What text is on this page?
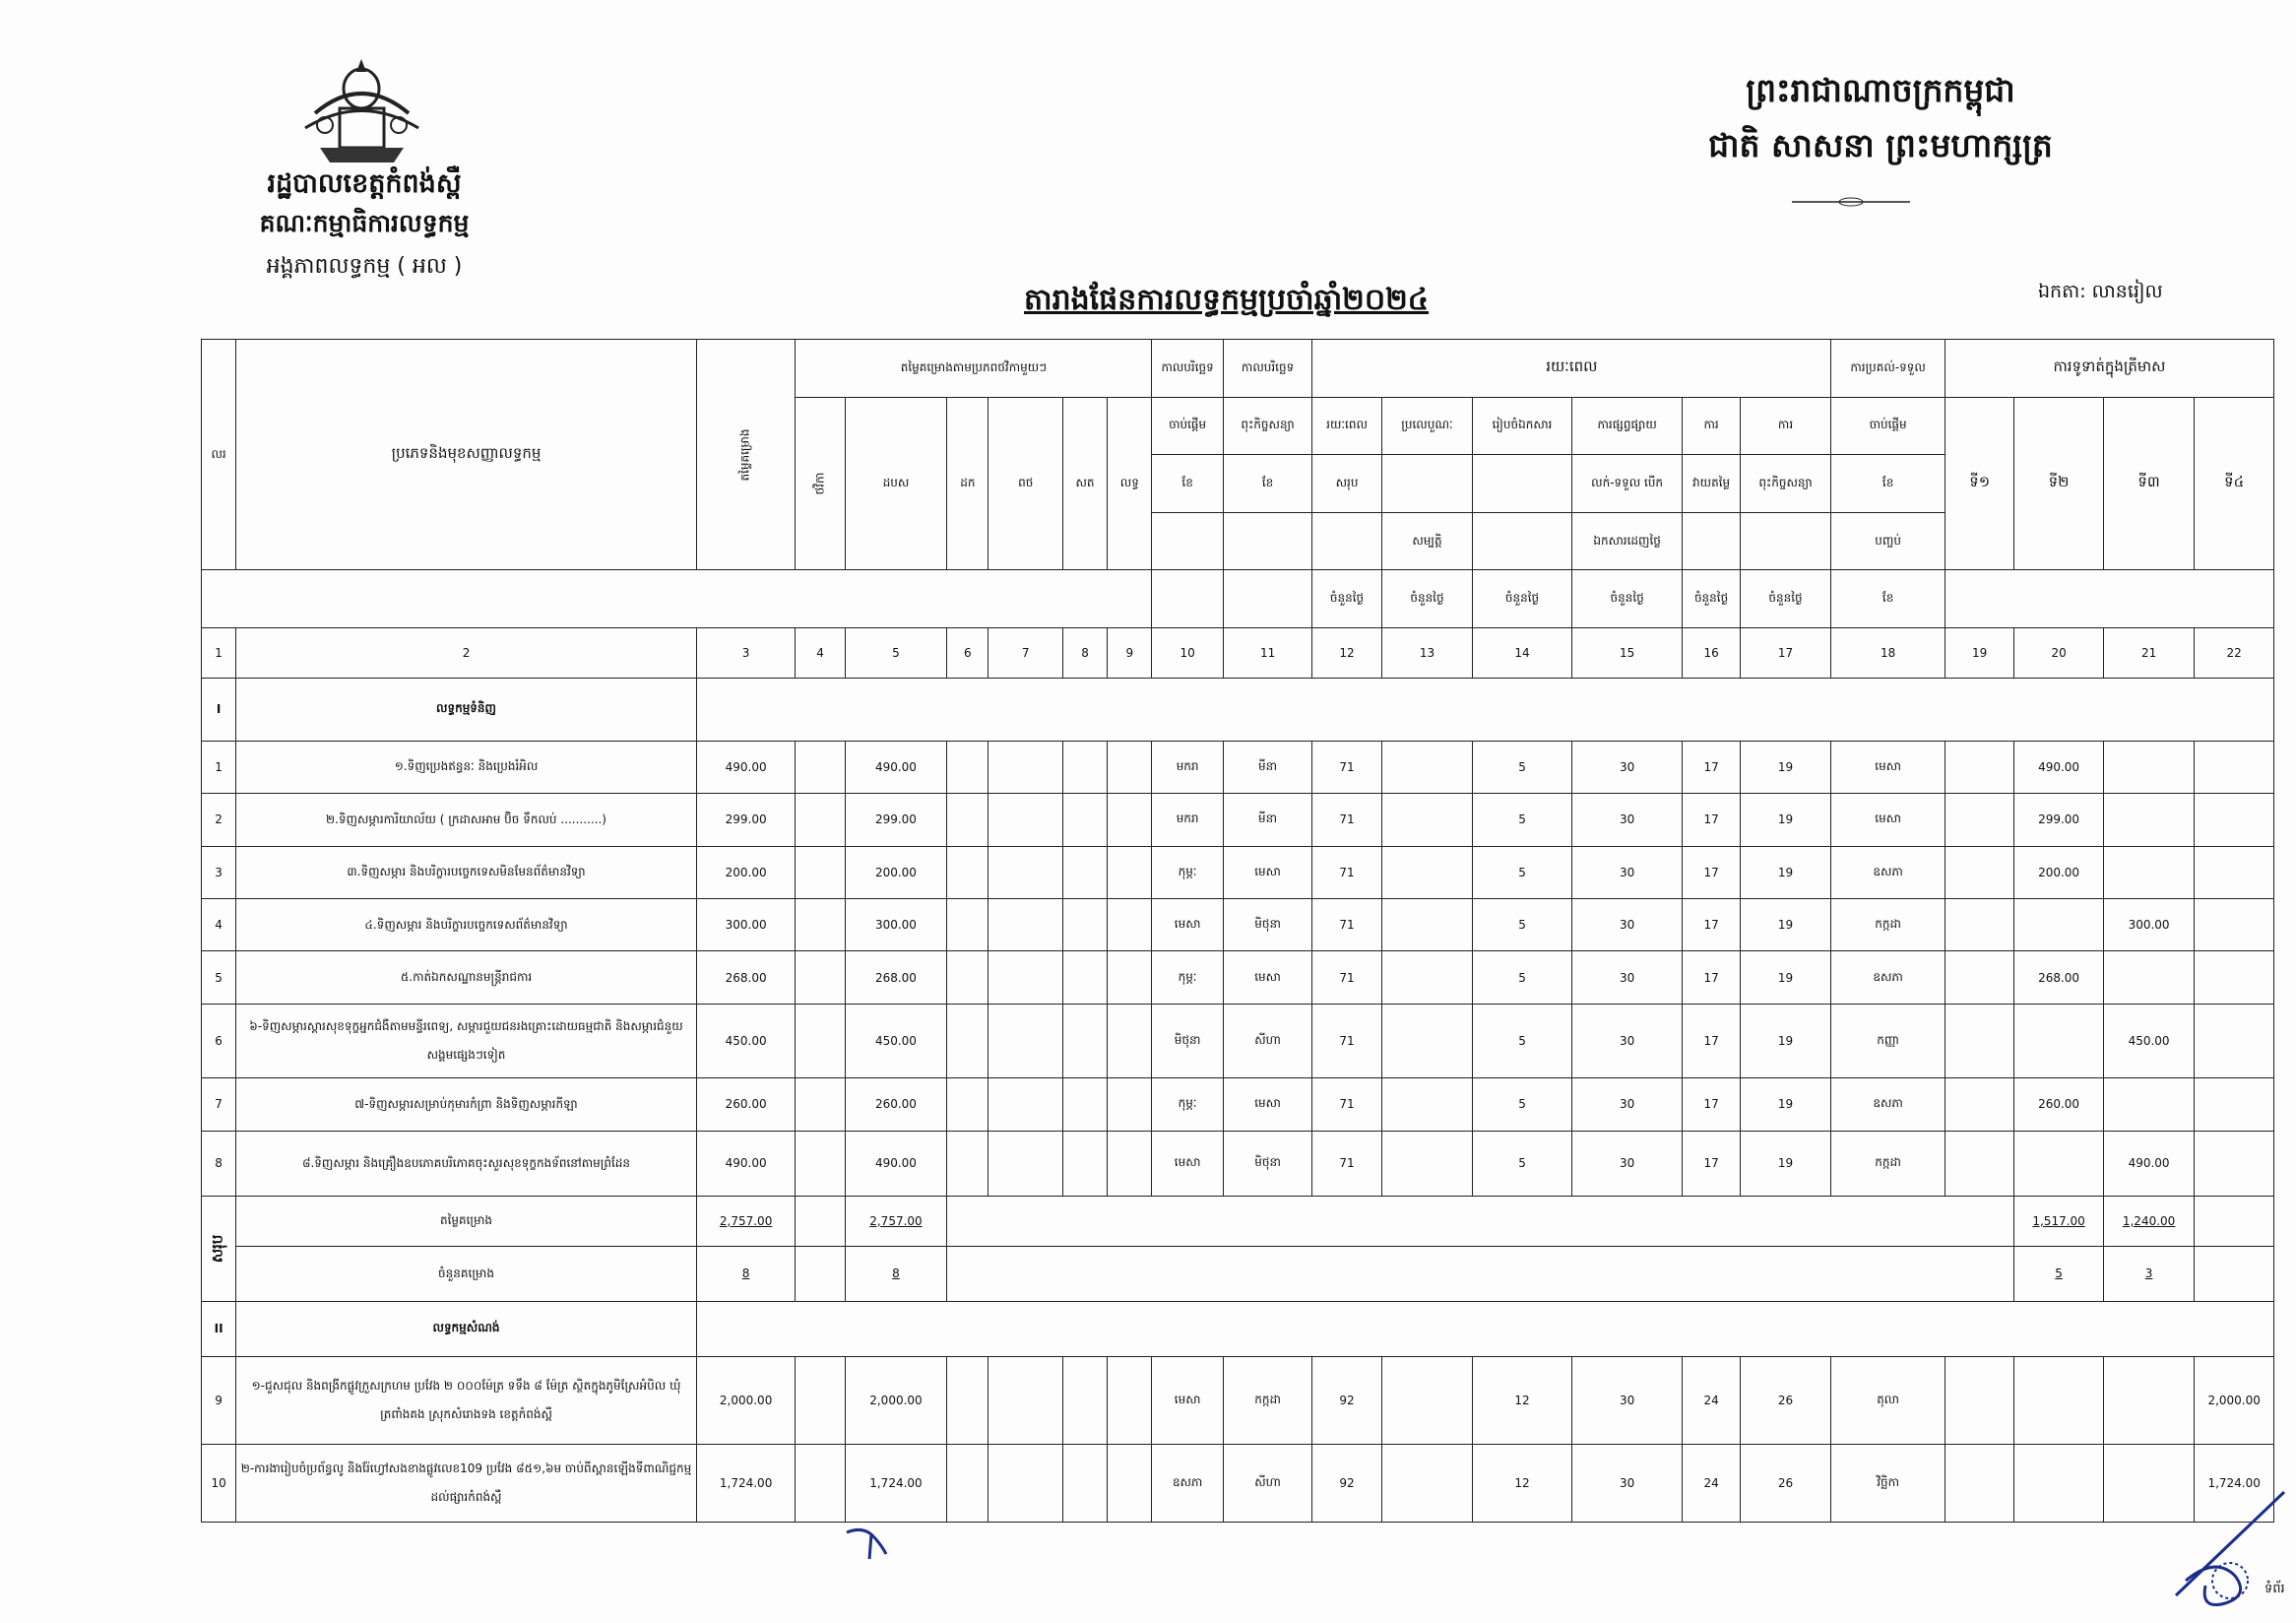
រដ្ឋបាលខេត្តកំពង់ស្ពឺ
គណៈកម្មាធិការលទ្ធកម្ម
អង្គភាពលទ្ធកម្ម ( អល )
ព្រះរាជាណាចក្រកម្ពុជា
ជាតិ សាសនា ព្រះមហាក្សត្រ
តារាងផែនការលទ្ធកម្មប្រចាំឆ្នាំ២០២៤	ឯកតា: លានរៀល
លរ	ប្រភេទនិងមុខសញ្ញាលទ្ធកម្ម	តម្លៃគម្រោង	តម្លៃគម្រោងតាមប្រភពថវិកាមួយៗ						កាលបរិច្ឆេទ	កាលបរិច្ឆេទ	រយៈពេល						ការប្រគល់-ទទួល	ការទូទាត់ក្នុងត្រីមាស			
			ថវិកា	ដបស	ដក	ពថ	សត	លទ្ធ	ចាប់ផ្តើម	ពុះកិច្ចសន្យា	រយៈពេល	ប្រលេបួណៈ	រៀបចំឯកសារ	ការផ្សព្វផ្សាយ	ការ	ការ	ចាប់ផ្តើម	ទី១	ទី២	ទី៣	ទី៤
									ខែ	ខែ	សរុប			លក់-ទទួល បើក	វាយតម្លៃ	ពុះកិច្ចសន្យា	ខែ				
												សម្បត្តិ		ឯកសារដេញថ្លៃ			បញ្ចប់				
											ចំនួនថ្ងៃ	ចំនួនថ្ងៃ	ចំនួនថ្ងៃ	ចំនួនថ្ងៃ	ចំនួនថ្ងៃ	ចំនួនថ្ងៃ	ខែ				
1	2	3	4	5	6	7	8	9	10	11	12	13	14	15	16	17	18	19	20	21	22
I	លទ្ធកម្មទំនិញ																				
1	១.ទិញប្រេងឥន្ធនៈ និងប្រេងរំអិល	490.00		490.00					មករា	មីនា	71		5	30	17	19	មេសា		490.00		
2	២.ទិញសម្ភារការិយាល័យ ( ក្រដាសអាម ប៊ិច ទឹកលប់ ...........)	299.00		299.00					មករា	មីនា	71		5	30	17	19	មេសា		299.00		
3	៣.ទិញសម្ភារ និងបរិក្ខារបច្ចេកទេសមិនមែនព័ត៌មានវិទ្យា	200.00		200.00					កុម្ភៈ	មេសា	71		5	30	17	19	ឧសភា		200.00		
4	៤.ទិញសម្ភារ និងបរិក្ខារបច្ចេកទេសព័ត៌មានវិទ្យា	300.00		300.00					មេសា	មិថុនា	71		5	30	17	19	កក្កដា			300.00	
5	៥.កាត់ឯកសណ្ឋានមន្ត្រីរាជការ	268.00		268.00					កុម្ភៈ	មេសា	71		5	30	17	19	ឧសភា		268.00		
6	៦-ទិញសម្ភារស្តារសុខទុក្ខអ្នកជំងឺតាមមន្ទីរពេទ្យ, សម្ភារជួយជនរងគ្រោះដោយធម្មជាតិ និងសម្ភារជំនួយសង្គមផ្សេងៗទៀត	450.00		450.00					មិថុនា	សីហា	71		5	30	17	19	កញ្ញា			450.00	
7	៧-ទិញសម្ភារសម្រាប់កុមារកំព្រា និងទិញសម្ភារកីឡា	260.00		260.00					កុម្ភៈ	មេសា	71		5	30	17	19	ឧសភា		260.00		
8	៨.ទិញសម្ភារ និងគ្រឿងឧបភោគបរិភោគចុះសួរសុខទុក្ខកងទ័ពនៅតាមព្រំដែន	490.00		490.00					មេសា	មិថុនា	71		5	30	17	19	កក្កដា			490.00	
សរុប	តម្លៃគម្រោង	2,757.00		2,757.00															1,517.00	1,240.00	
	ចំនួនគម្រោង	8		8															5	3	
II	លទ្ធកម្មសំណង់																				
9	១-ជួសជុល និងពង្រីកផ្លូវក្រួសក្រហម ប្រវែង ២ ០០០ម៉ែត្រ ទទឹង ៨ ម៉ែត្រ ស្ថិតក្នុងភូមិស្រែអំបិល ឃុំត្រពាំងគង ស្រុកសំរោងទង ខេត្តកំពង់ស្ពឺ	2,000.00		2,000.00					មេសា	កក្កដា	92		12	30	24	26	តុលា				2,000.00
10	២-ការងារៀបចំប្រព័ន្ធលូ និងរ៉ែហ្វៅសងខាងផ្លូវលេខ109 ប្រវែង ៨៥១,៦ម ចាប់ពីស្ពានឡើងទីពាណិជ្ជកម្ម ដល់ផ្សារកំពង់ស្ពឺ	1,724.00		1,724.00					ឧសភា	សីហា	92		12	30	24	26	វិច្ឆិកា				1,724.00
ទំព័រ
